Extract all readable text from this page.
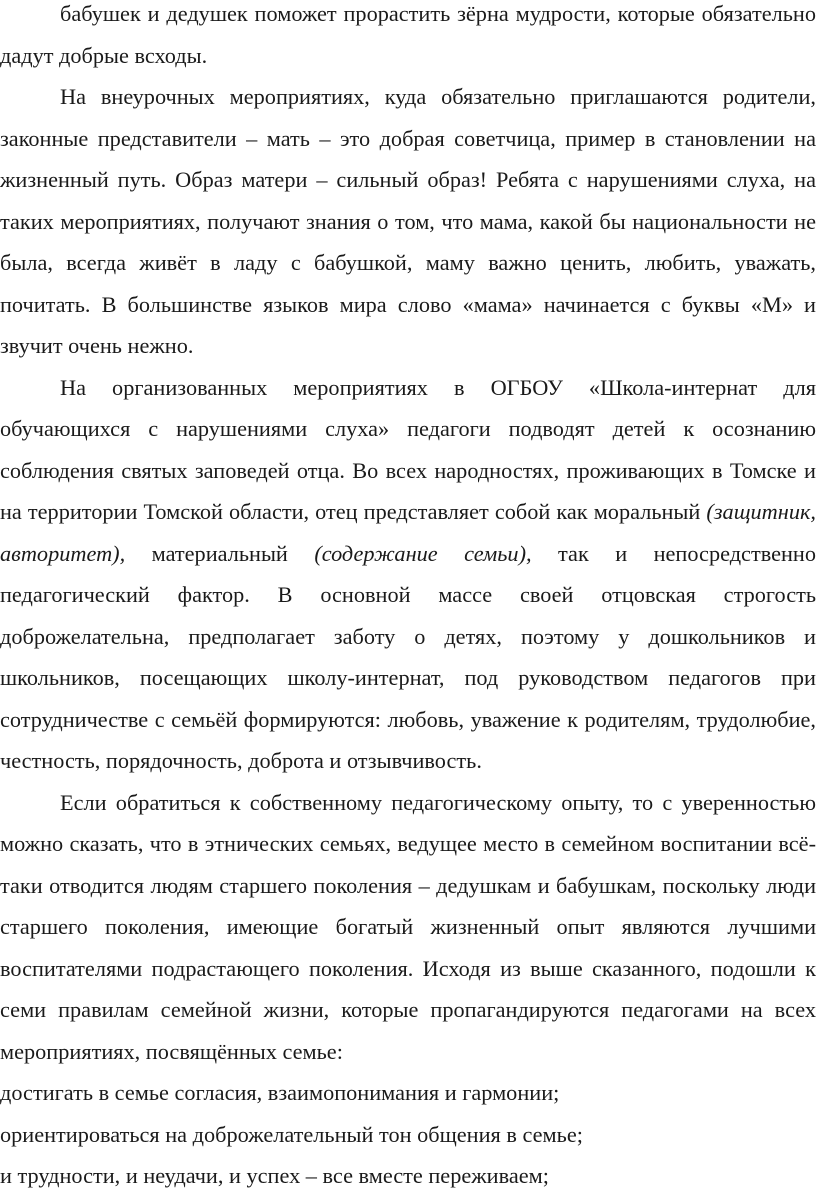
бабушек и дедушек поможет прорастить зёрна мудрости, которые обязательно дадут добрые всходы.

На внеурочных мероприятиях, куда обязательно приглашаются родители, законные представители – мать – это добрая советчица, пример в становлении на жизненный путь. Образ матери – сильный образ! Ребята с нарушениями слуха, на таких мероприятиях, получают знания о том, что мама, какой бы национальности не была, всегда живёт в ладу с бабушкой, маму важно ценить, любить, уважать, почитать. В большинстве языков мира слово «мама» начинается с буквы «М» и звучит очень нежно.

На организованных мероприятиях в ОГБОУ «Школа-интернат для обучающихся с нарушениями слуха» педагоги подводят детей к осознанию соблюдения святых заповедей отца. Во всех народностях, проживающих в Томске и на территории Томской области, отец представляет собой как моральный (защитник, авторитет), материальный (содержание семьи), так и непосредственно педагогический фактор. В основной массе своей отцовская строгость доброжелательна, предполагает заботу о детях, поэтому у дошкольников и школьников, посещающих школу-интернат, под руководством педагогов при сотрудничестве с семьёй формируются: любовь, уважение к родителям, трудолюбие, честность, порядочность, доброта и отзывчивость.

Если обратиться к собственному педагогическому опыту, то с уверенностью можно сказать, что в этнических семьях, ведущее место в семейном воспитании всё-таки отводится людям старшего поколения – дедушкам и бабушкам, поскольку люди старшего поколения, имеющие богатый жизненный опыт являются лучшими воспитателями подрастающего поколения. Исходя из выше сказанного, подошли к семи правилам семейной жизни, которые пропагандируются педагогами на всех мероприятиях, посвящённых семье:

достигать в семье согласия, взаимопонимания и гармонии;

ориентироваться на доброжелательный тон общения в семье;

и трудности, и неудачи, и успех – все вместе переживаем;
